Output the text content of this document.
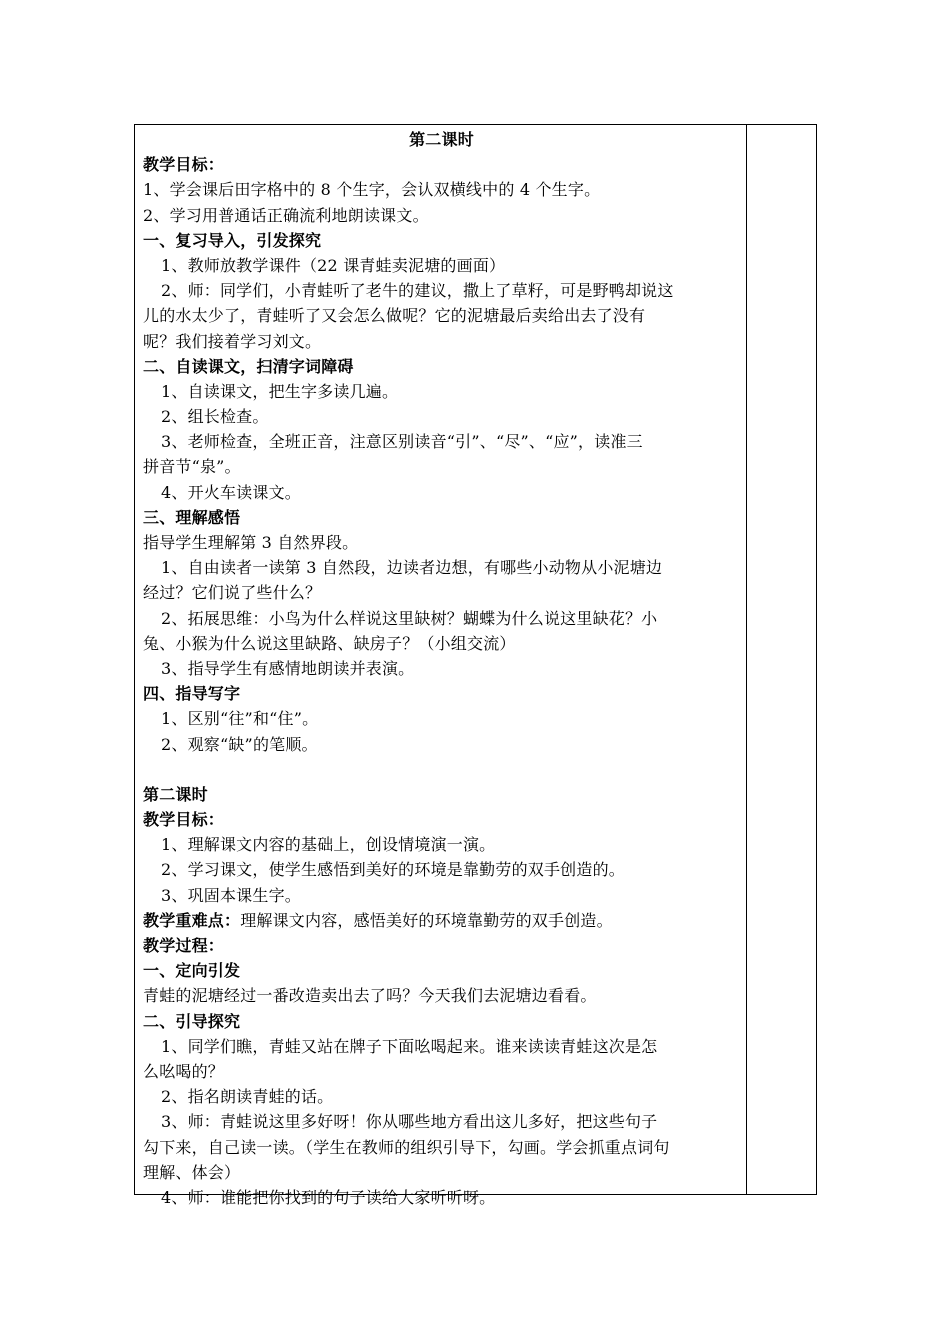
第二课时
教学目标：
1、学会课后田字格中的 8 个生字，会认双横线中的 4 个生字。
2、学习用普通话正确流利地朗读课文。
一、复习导入，引发探究
1、教师放教学课件（22 课青蛙卖泥塘的画面）
2、师：同学们，小青蛙听了老牛的建议，撒上了草籽，可是野鸭却说这
儿的水太少了，青蛙听了又会怎么做呢？它的泥塘最后卖给出去了没有
呢？我们接着学习刘文。
二、自读课文，扫清字词障碍
1、自读课文，把生字多读几遍。
2、组长检查。
3、老师检查，全班正音，注意区别读音“引”、“尽”、“应”，读准三
拼音节“泉”。
4、开火车读课文。
三、理解感悟
指导学生理解第 3 自然界段。
1、自由读者一读第 3 自然段，边读者边想，有哪些小动物从小泥塘边
经过？它们说了些什么？
2、拓展思维：小鸟为什么样说这里缺树？蝴蝶为什么说这里缺花？小
兔、小猴为什么说这里缺路、缺房子？（小组交流）
3、指导学生有感情地朗读并表演。
四、指导写字
1、区别“往”和“住”。
2、观察“缺”的笔顺。
第二课时
教学目标：
1、理解课文内容的基础上，创设情境演一演。
2、学习课文，使学生感悟到美好的环境是靠勤劳的双手创造的。
3、巩固本课生字。
教学重难点：理解课文内容，感悟美好的环境靠勤劳的双手创造。
教学过程：
一、定向引发
青蛙的泥塘经过一番改造卖出去了吗？今天我们去泥塘边看看。
二、引导探究
1、同学们瞧，青蛙又站在牌子下面吆喝起来。谁来读读青蛙这次是怎
么吆喝的？
2、指名朗读青蛙的话。
3、师：青蛙说这里多好呀！你从哪些地方看出这儿多好，把这些句子
勾下来，自己读一读。（学生在教师的组织引导下，勾画。学会抓重点词句
理解、体会）
4、师：谁能把你找到的句子读给大家听听呀。
